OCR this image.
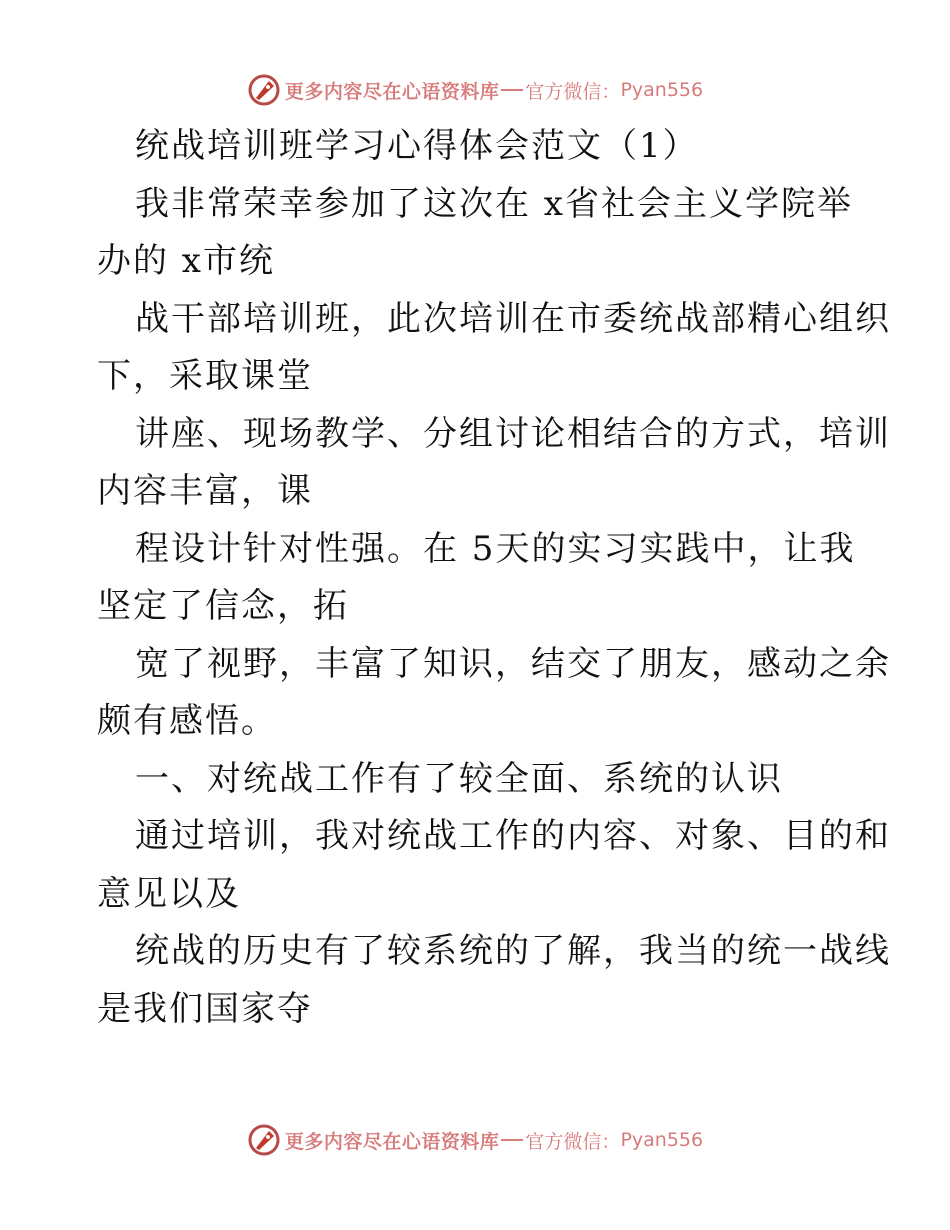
更多内容尽在心语资料库 官方微信： Pyan556
统战培训班学习心得体会范文（1）
我非常荣幸参加了这次在 x省社会主义学院举
办的 x市统
战干部培训班，此次培训在市委统战部精心组织
下，采取课堂
讲座、现场教学、分组讨论相结合的方式，培训
内容丰富，课
程设计针对性强。在 5天的实习实践中，让我
坚定了信念，拓
宽了视野，丰富了知识，结交了朋友，感动之余
颇有感悟。
一、对统战工作有了较全面、系统的认识
通过培训，我对统战工作的内容、对象、目的和
意见以及
统战的历史有了较系统的了解，我当的统一战线
是我们国家夺
更多内容尽在心语资料库 官方微信： Pyan556
